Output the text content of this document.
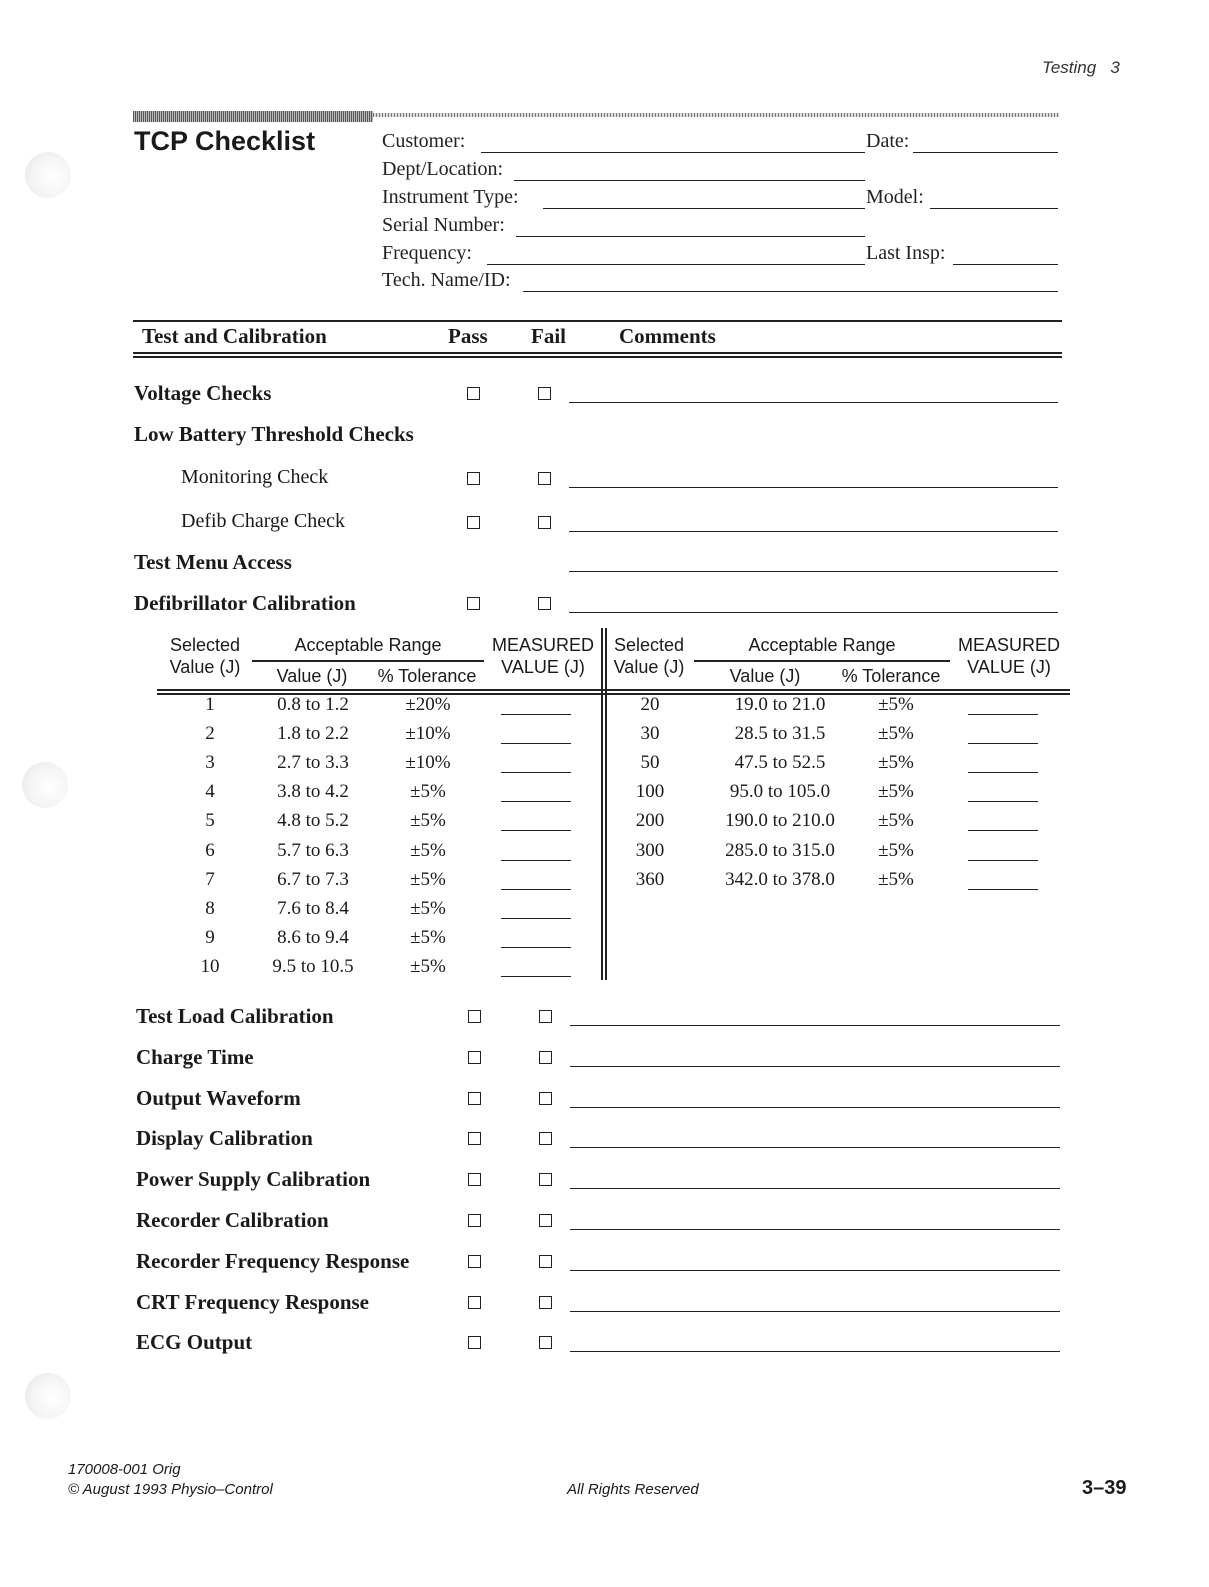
Testing 3
TCP Checklist	Customer:	Date:
Dept/Location:
Instrument Type:	Model:
Serial Number:
Frequency:	Last Insp:
Tech. Name/ID:
Test and Calibration	Pass Fail	Comments
Voltage Checks
Low Battery Threshold Checks
Monitoring Check
Defib Charge Check
Test Menu Access
Defibrillator Calibration
Selected
Value (J)
Acceptable Range
Value (J)	% Tolerance
MEASURED
VALUE (J)
Selected
Value (J)
Acceptable Range
Value (J)	% Tolerance
MEASURED
VALUE (J)
1	0.8 to 1.2	±20%
2	1.8 to 2.2	±10%
3	2.7 to 3.3	±10%
4	3.8 to 4.2	±5%
5	4.8 to 5.2	±5%
6	5.7 to 6.3	±5%
7	6.7 to 7.3	±5%
8	7.6 to 8.4	±5%
9	8.6 to 9.4	±5%
10	9.5 to 10.5	±5%
20	19.0 to 21.0	±5%
30	28.5 to 31.5	±5%
50	47.5 to 52.5	±5%
100	95.0 to 105.0	±5%
200	190.0 to 210.0	±5%
300	285.0 to 315.0	±5%
360	342.0 to 378.0	±5%
Test Load Calibration
Charge Time
Output Waveform
Display Calibration
Power Supply Calibration
Recorder Calibration
Recorder Frequency Response
CRT Frequency Response
ECG Output
170008-001 Orig
© August 1993 Physio–Control	All Rights Reserved	3–39
